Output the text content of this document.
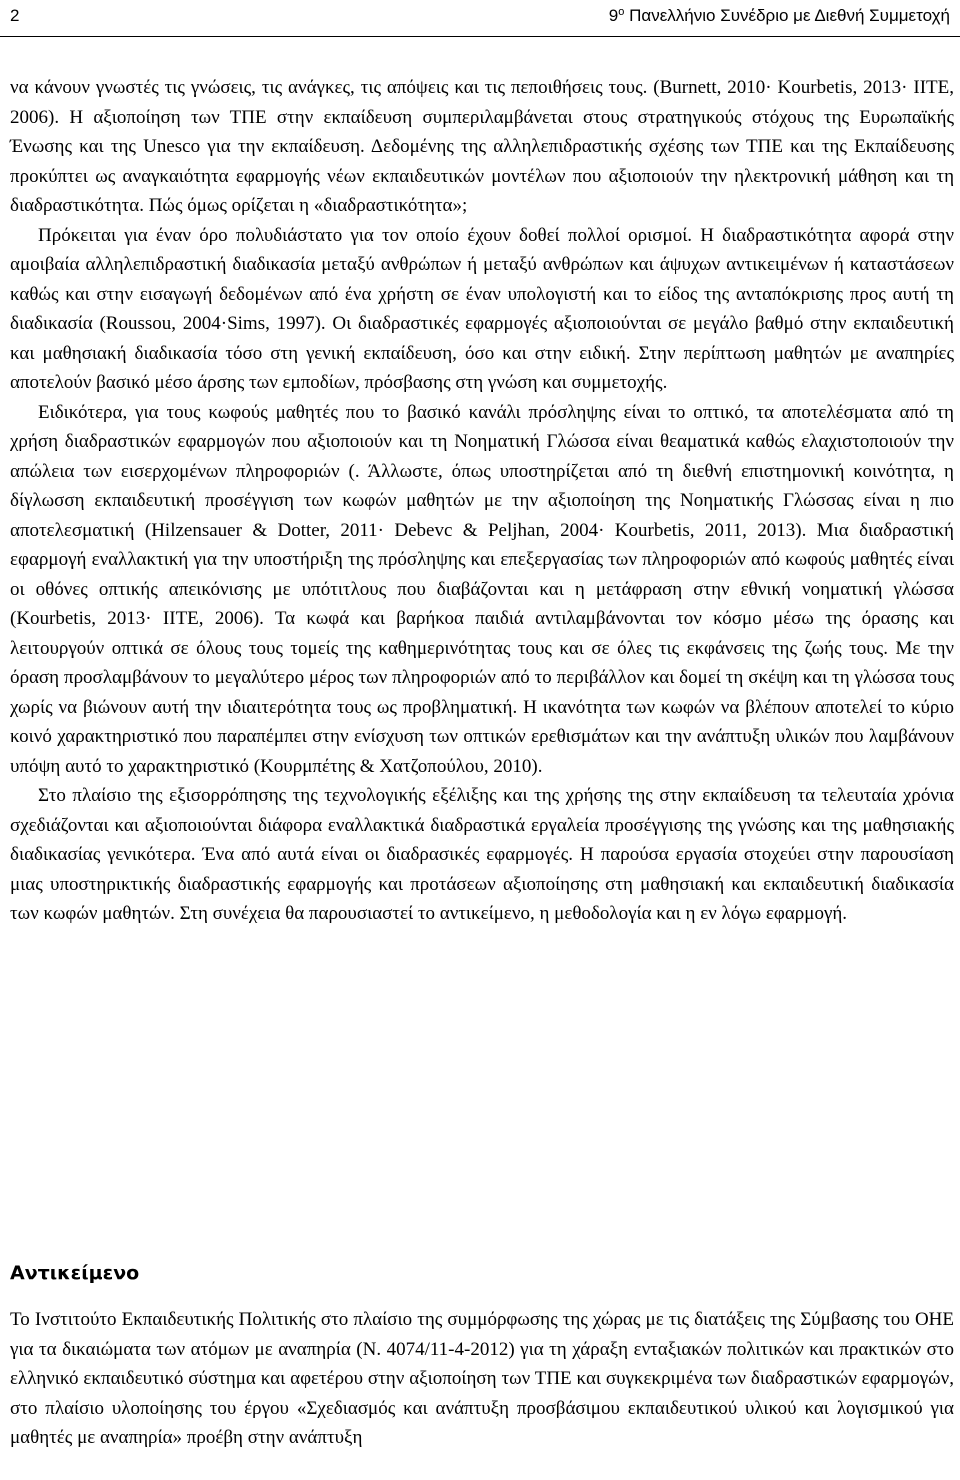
2	$9^o$ Πανελλήνιο Συνέδριο με Διεθνή Συμμετοχή

να κάνουν γνωστές τις γνώσεις, τις ανάγκες, τις απόψεις και τις πεποιθήσεις τους. (Burnett, 2010· Kourbetis, 2013· ΙΙΤΕ, 2006). Η αξιοποίηση των ΤΠΕ στην εκπαίδευση συμπεριλαμβάνεται στους στρατηγικούς στόχους της Ευρωπαϊκής Ένωσης και της Unesco για την εκπαίδευση. Δεδομένης της αλληλεπιδραστικής σχέσης των ΤΠΕ και της Εκπαίδευσης προκύπτει ως αναγκαιότητα εφαρμογής νέων εκπαιδευτικών μοντέλων που αξιοποιούν την ηλεκτρονική μάθηση και τη διαδραστικότητα. Πώς όμως ορίζεται η «διαδραστικότητα»;

Πρόκειται για έναν όρο πολυδιάστατο για τον οποίο έχουν δοθεί πολλοί ορισμοί. Η διαδραστικότητα αφορά στην αμοιβαία αλληλεπιδραστική διαδικασία μεταξύ ανθρώπων ή μεταξύ ανθρώπων και άψυχων αντικειμένων ή καταστάσεων καθώς και στην εισαγωγή δεδομένων από ένα χρήστη σε έναν υπολογιστή και το είδος της ανταπόκρισης προς αυτή τη διαδικασία (Roussou, 2004·Sims, 1997). Οι διαδραστικές εφαρμογές αξιοποιούνται σε μεγάλο βαθμό στην εκπαιδευτική και μαθησιακή διαδικασία τόσο στη γενική εκπαίδευση, όσο και στην ειδική. Στην περίπτωση μαθητών με αναπηρίες αποτελούν βασικό μέσο άρσης των εμποδίων, πρόσβασης στη γνώση και συμμετοχής.

Ειδικότερα, για τους κωφούς μαθητές που το βασικό κανάλι πρόσληψης είναι το οπτικό, τα αποτελέσματα από τη χρήση διαδραστικών εφαρμογών που αξιοποιούν και τη Νοηματική Γλώσσα είναι θεαματικά καθώς ελαχιστοποιούν την απώλεια των εισερχομένων πληροφοριών (. Άλλωστε, όπως υποστηρίζεται από τη διεθνή επιστημονική κοινότητα, η δίγλωσση εκπαιδευτική προσέγγιση των κωφών μαθητών με την αξιοποίηση της Νοηματικής Γλώσσας είναι η πιο αποτελεσματική (Hilzensauer & Dotter, 2011· Debevc & Peljhan, 2004· Kourbetis, 2011, 2013). Μια διαδραστική εφαρμογή εναλλακτική για την υποστήριξη της πρόσληψης και επεξεργασίας των πληροφοριών από κωφούς μαθητές είναι οι οθόνες οπτικής απεικόνισης με υπότιτλους που διαβάζονται και η μετάφραση στην εθνική νοηματική γλώσσα (Kourbetis, 2013· ΙΙΤΕ, 2006). Τα κωφά και βαρήκοα παιδιά αντιλαμβάνονται τον κόσμο μέσω της όρασης και λειτουργούν οπτικά σε όλους τους τομείς της καθημερινότητας τους και σε όλες τις εκφάνσεις της ζωής τους. Με την όραση προσλαμβάνουν το μεγαλύτερο μέρος των πληροφοριών από το περιβάλλον και δομεί τη σκέψη και τη γλώσσα τους χωρίς να βιώνουν αυτή την ιδιαιτερότητα τους ως προβληματική. Η ικανότητα των κωφών να βλέπουν αποτελεί το κύριο κοινό χαρακτηριστικό που παραπέμπει στην ενίσχυση των οπτικών ερεθισμάτων και την ανάπτυξη υλικών που λαμβάνουν υπόψη αυτό το χαρακτηριστικό (Κουρμπέτης & Χατζοπούλου, 2010).

Στο πλαίσιο της εξισορρόπησης της τεχνολογικής εξέλιξης και της χρήσης της στην εκπαίδευση τα τελευταία χρόνια σχεδιάζονται και αξιοποιούνται διάφορα εναλλακτικά διαδραστικά εργαλεία προσέγγισης της γνώσης και της μαθησιακής διαδικασίας γενικότερα. Ένα από αυτά είναι οι διαδρασικές εφαρμογές. Η παρούσα εργασία στοχεύει στην παρουσίαση μιας υποστηρικτικής διαδραστικής εφαρμογής και προτάσεων αξιοποίησης στη μαθησιακή και εκπαιδευτική διαδικασία των κωφών μαθητών. Στη συνέχεια θα παρουσιαστεί το αντικείμενο, η μεθοδολογία και η εν λόγω εφαρμογή.

Αντικείμενο

Το Ινστιτούτο Εκπαιδευτικής Πολιτικής στο πλαίσιο της συμμόρφωσης της χώρας με τις διατάξεις της Σύμβασης του ΟΗΕ για τα δικαιώματα των ατόμων με αναπηρία (Ν. 4074/11-4-2012) για τη χάραξη ενταξιακών πολιτικών και πρακτικών στο ελληνικό εκπαιδευτικό σύστημα και αφετέρου στην αξιοποίηση των ΤΠΕ και συγκεκριμένα των διαδραστικών εφαρμογών, στο πλαίσιο υλοποίησης του έργου «Σχεδιασμός και ανάπτυξη προσβάσιμου εκπαιδευτικού υλικού και λογισμικού για μαθητές με αναπηρία» προέβη στην ανάπτυξη
